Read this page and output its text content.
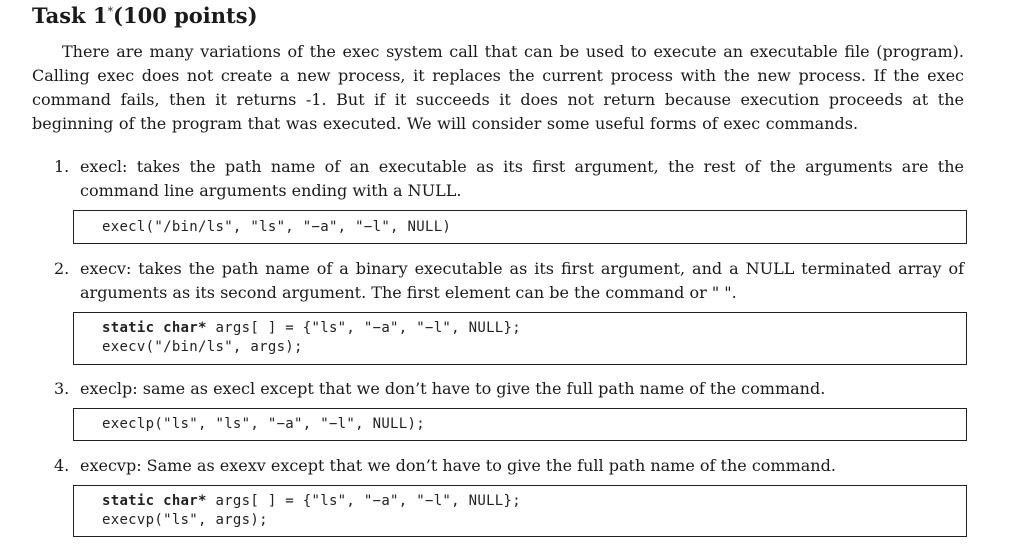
Task 1*(100 points)
There are many variations of the exec system call that can be used to execute an executable file (program). Calling exec does not create a new process, it replaces the current process with the new process. If the exec command fails, then it returns -1. But if it succeeds it does not return because execution proceeds at the beginning of the program that was executed. We will consider some useful forms of exec commands.
1. execl: takes the path name of an executable as its first argument, the rest of the arguments are the command line arguments ending with a NULL.
execl("/bin/ls", "ls", "−a", "−l", NULL)
2. execv: takes the path name of a binary executable as its first argument, and a NULL terminated array of arguments as its second argument. The first element can be the command or " ".
static char* args[ ] = {"ls", "−a", "−l", NULL};
execv("/bin/ls", args);
3. execlp: same as execl except that we don’t have to give the full path name of the command.
execlp("ls", "ls", "−a", "−l", NULL);
4. execvp: Same as exexv except that we don’t have to give the full path name of the command.
static char* args[ ] = {"ls", "−a", "−l", NULL};
execvp("ls", args);
